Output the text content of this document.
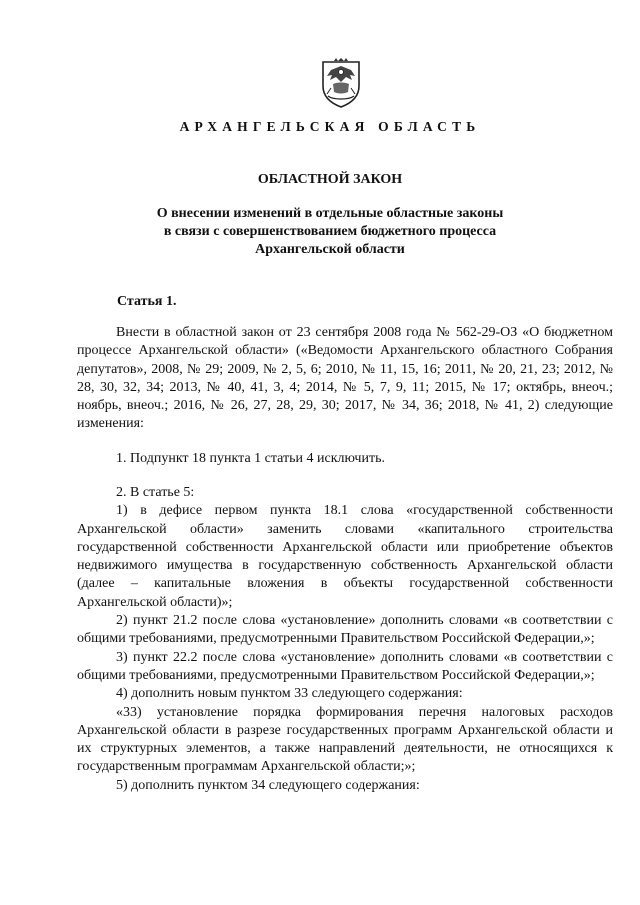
АРХАНГЕЛЬСКАЯ ОБЛАСТЬ
ОБЛАСТНОЙ ЗАКОН
О внесении изменений в отдельные областные законы
в связи с совершенствованием бюджетного процесса
Архангельской области
Статья 1.

Внести в областной закон от 23 сентября 2008 года № 562-29-ОЗ «О бюджетном процессе Архангельской области» («Ведомости Архангельского областного Собрания депутатов», 2008, № 29; 2009, № 2, 5, 6; 2010, № 11, 15, 16; 2011, № 20, 21, 23; 2012, № 28, 30, 32, 34; 2013, № 40, 41, 3, 4; 2014, № 5, 7, 9, 11; 2015, № 17; октябрь, внеоч.; ноябрь, внеоч.; 2016, № 26, 27, 28, 29, 30; 2017, № 34, 36; 2018, № 41, 2) следующие изменения:

1. Подпункт 18 пункта 1 статьи 4 исключить.

2. В статье 5:

1) в дефисе первом пункта 18.1 слова «государственной собственности Архангельской области» заменить словами «капитального строительства государственной собственности Архангельской области или приобретение объектов недвижимого имущества в государственную собственность Архангельской области (далее – капитальные вложения в объекты государственной собственности Архангельской области)»;

2) пункт 21.2 после слова «установление» дополнить словами «в соответствии с общими требованиями, предусмотренными Правительством Российской Федерации,»;

3) пункт 22.2 после слова «установление» дополнить словами «в соответствии с общими требованиями, предусмотренными Правительством Российской Федерации,»;

4) дополнить новым пунктом 33 следующего содержания:

«33) установление порядка формирования перечня налоговых расходов Архангельской области в разрезе государственных программ Архангельской области и их структурных элементов, а также направлений деятельности, не относящихся к государственным программам Архангельской области;»;

5) дополнить пунктом 34 следующего содержания:
